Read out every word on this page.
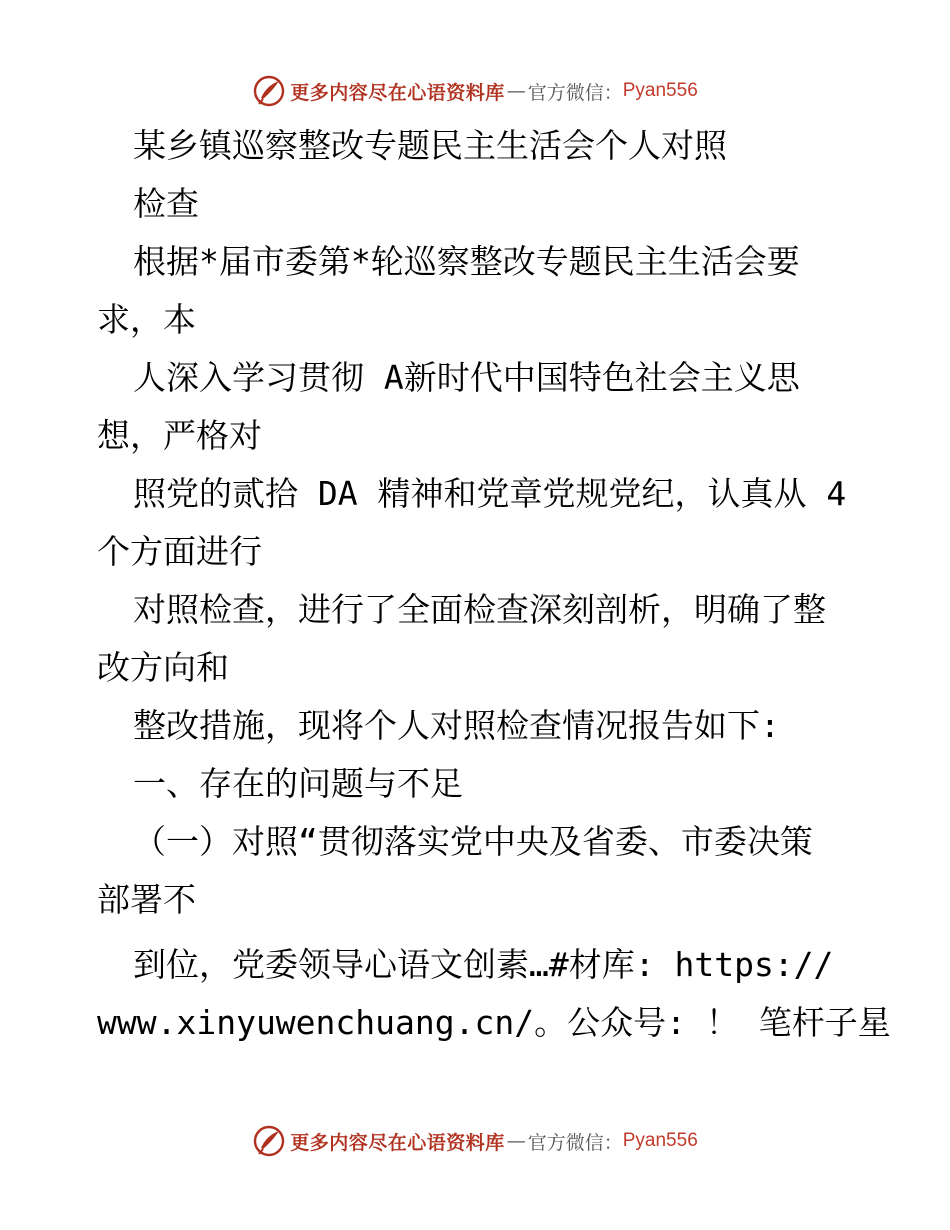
更多内容尽在心语资料库 — 官方微信： Pyan556
某乡镇巡察整改专题民主生活会个人对照
检查
根据*届市委第*轮巡察整改专题民主生活会要
求，本
人深入学习贯彻 A新时代中国特色社会主义思
想，严格对
照党的贰拾 DA 精神和党章党规党纪，认真从 4
个方面进行
对照检查，进行了全面检查深刻剖析，明确了整
改方向和
整改措施，现将个人对照检查情况报告如下:
一、存在的问题与不足
（一）对照“贯彻落实党中央及省委、市委决策
部署不
到位，党委领导心语文创素…#材库: https://
www.xinyuwenchuang.cn/。公众号: ！ 笔杆子星
更多内容尽在心语资料库 — 官方微信： Pyan556
